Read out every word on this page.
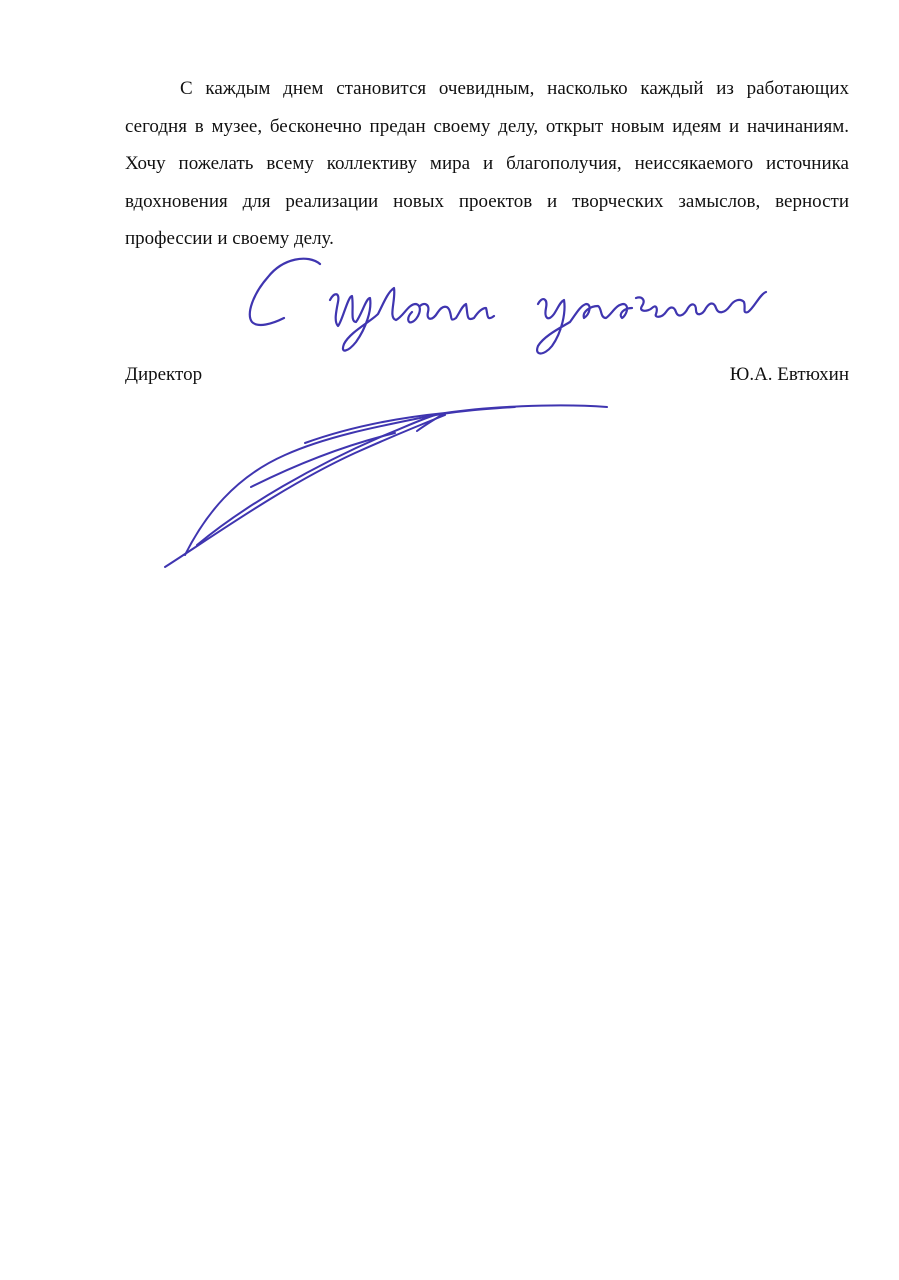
С каждым днем становится очевидным, насколько каждый из работающих сегодня в музее, бесконечно предан своему делу, открыт новым идеям и начинаниям. Хочу пожелать всему коллективу мира и благополучия, неиссякаемого источника вдохновения для реализации новых проектов и творческих замыслов, верности профессии и своему делу.

Директор	Ю.А. Евтюхин
